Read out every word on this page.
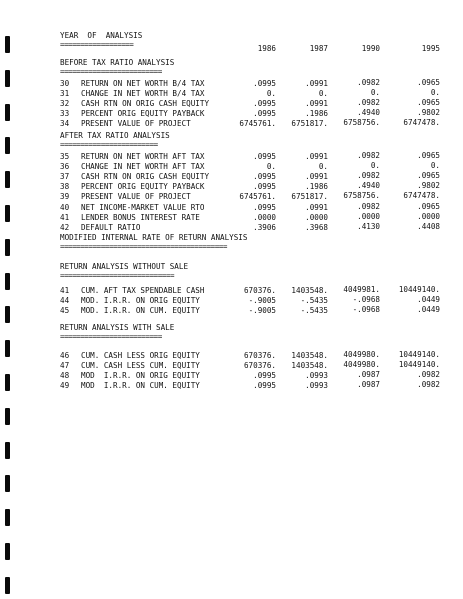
YEAR  OF  ANALYSIS
==================	1986	1987	1990	1995
BEFORE TAX RATIO ANALYSIS
=========================
30 RETURN ON NET WORTH B/4 TAX	.0995	.0991	.0982	.0965
31 CHANGE IN NET WORTH B/4 TAX	0.	0.	0.	0.
32 CASH RTN ON ORIG CASH EQUITY	.0995	.0991	.0982	.0965
33 PERCENT ORIG EQUITY PAYBACK	.0995	.1986	.4940	.9802
34 PRESENT VALUE OF PROJECT	6745761.	6751817.	6758756.	6747478.
AFTER TAX RATIO ANALYSIS
========================
35 RETURN ON NET WORTH AFT TAX	.0995	.0991	.0982	.0965
36 CHANGE IN NET WORTH AFT TAX	0.	0.	0.	0.
37 CASH RTN ON ORIG CASH EQUITY	.0995	.0991	.0982	.0965
38 PERCENT ORIG EQUITY PAYBACK	.0995	.1986	.4940	.9802
39 PRESENT VALUE OF PROJECT	6745761.	6751817.	6758756.	6747478.
40 NET INCOME-MARKET VALUE RTO	.0995	.0991	.0982	.0965
41 LENDER BONUS INTEREST RATE	.0000	.0000	.0000	.0000
42 DEFAULT RATIO	.3906	.3968	.4130	.4408
MODIFIED INTERNAL RATE OF RETURN ANALYSIS
=========================================
RETURN ANALYSIS WITHOUT SALE
============================
41 CUM. AFT TAX SPENDABLE CASH	670376.	1403548.	4049981.	10449140.
44 MOD. I.R.R. ON ORIG EQUITY	-.9005	-.5435	-.0968	.0449
45 MOD. I.R.R. ON CUM. EQUITY	-.9005	-.5435	-.0968	.0449
RETURN ANALYSIS WITH SALE
=========================
46 CUM. CASH LESS ORIG EQUITY	670376.	1403548.	4049980.	10449140.
47 CUM. CASH LESS CUM. EQUITY	670376.	1403548.	4049980.	10449140.
48 MOD  I.R.R. ON ORIG EQUITY	.0995	.0993	.0987	.0982
49 MOD  I.R.R. ON CUM. EQUITY	.0995	.0993	.0987	.0982
